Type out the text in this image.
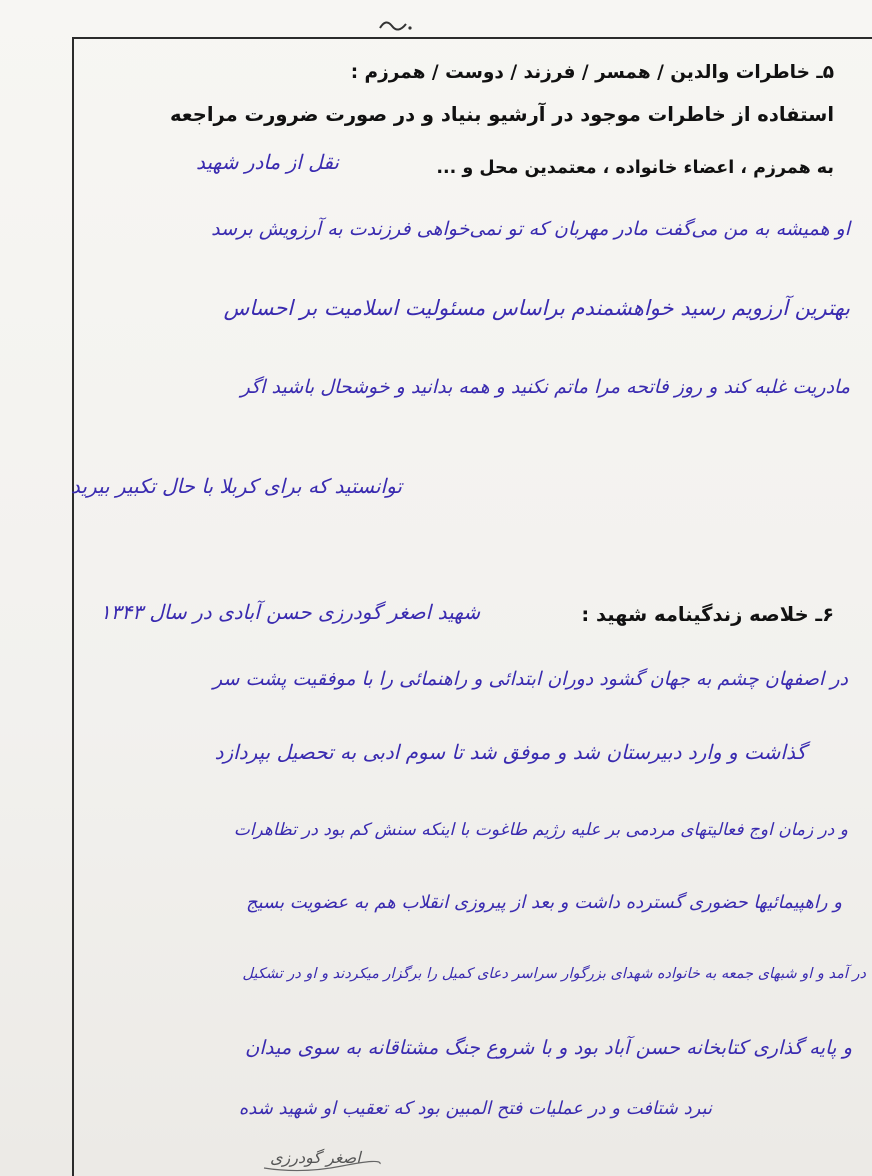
۵ـ خاطرات والدین / همسر / فرزند / دوست / همرزم :
استفاده از خاطرات موجود در آرشیو بنیاد و در صورت ضرورت مراجعه
به همرزم ، اعضاء خانواده ، معتمدین محل و ...
نقل از مادر شهید
او همیشه به من می‌گفت مادر مهربان که تو نمی‌خواهی فرزندت به آرزویش برسد
بهترین آرزویم رسید خواهشمندم براساس مسئولیت اسلامیت بر احساس
مادریت غلبه کند و روز فاتحه مرا ماتم نکنید و همه بدانید و خوشحال باشید اگر
توانستید که برای کربلا با حال تکبیر بیرید
۶ـ خلاصه زندگینامه شهید :
شهید اصغر گودرزی حسن آبادی در سال ۱۳۴۳
در اصفهان چشم به جهان گشود دوران ابتدائی و راهنمائی را با موفقیت پشت سر
گذاشت و وارد دبیرستان شد و موفق شد تا سوم ادبی به تحصیل بپردازد
و در زمان اوج فعالیتهای مردمی بر علیه رژیم طاغوت با اینکه سنش کم بود در تظاهرات
و راهپیمائیها حضوری گسترده داشت و بعد از پیروزی انقلاب هم به عضویت بسیج
در آمد و او شبهای جمعه به خانواده شهدای بزرگوار سراسر دعای کمیل را برگزار میکردند و او در تشکیل
و پایه گذاری کتابخانه حسن آباد بود و با شروع جنگ مشتاقانه به سوی میدان
نبرد شتافت و در عملیات فتح المبین بود که تعقیب او شهید شده
اصغر گودرزی
